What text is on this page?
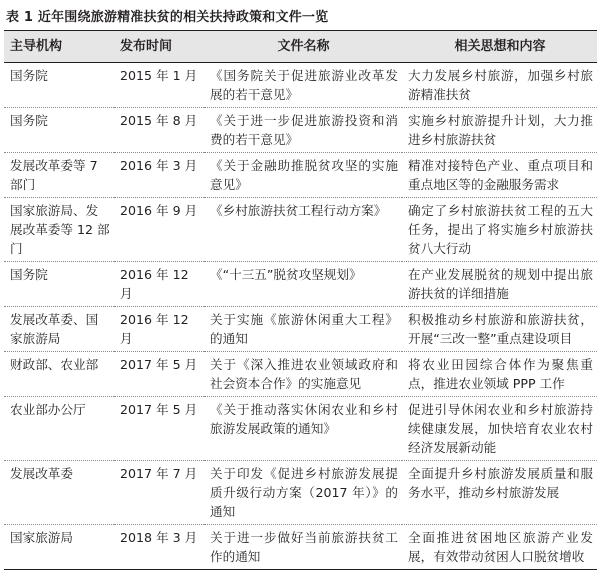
表 1 近年围绕旅游精准扶贫的相关扶持政策和文件一览
主导机构	发布时间	文件名称	相关思想和内容
国务院	2015 年 1 月	《国务院关于促进旅游业改革发展的若干意见》	大力发展乡村旅游，加强乡村旅游精准扶贫
国务院	2015 年 8 月	《关于进一步促进旅游投资和消费的若干意见》	实施乡村旅游提升计划，大力推进乡村旅游扶贫
发展改革委等 7 部门	2016 年 3 月	《关于金融助推脱贫攻坚的实施意见》	精准对接特色产业、重点项目和重点地区等的金融服务需求
国家旅游局、发展改革委等 12 部门	2016 年 9 月	《乡村旅游扶贫工程行动方案》	确定了乡村旅游扶贫工程的五大任务，提出了将实施乡村旅游扶贫八大行动
国务院	2016 年 12 月	《“十三五”脱贫攻坚规划》	在产业发展脱贫的规划中提出旅游扶贫的详细措施
发展改革委、国家旅游局	2016 年 12 月	关于实施《旅游休闲重大工程》的通知	积极推动乡村旅游和旅游扶贫，开展“三改一整”重点建设项目
财政部、农业部	2017 年 5 月	关于《深入推进农业领域政府和社会资本合作》的实施意见	将农业田园综合体作为聚焦重点，推进农业领域 PPP 工作
农业部办公厅	2017 年 5 月	《关于推动落实休闲农业和乡村旅游发展政策的通知》	促进引导休闲农业和乡村旅游持续健康发展，加快培育农业农村经济发展新动能
发展改革委	2017 年 7 月	关于印发《促进乡村旅游发展提质升级行动方案（2017 年）》的通知	全面提升乡村旅游发展质量和服务水平，推动乡村旅游发展
国家旅游局	2018 年 3 月	关于进一步做好当前旅游扶贫工作的通知	全面推进贫困地区旅游产业发展，有效带动贫困人口脱贫增收
